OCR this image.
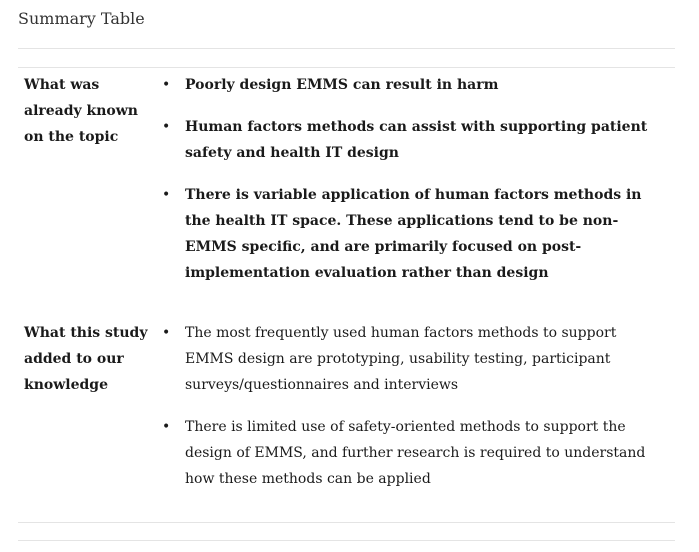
Summary Table
What was already known on the topic
• Poorly design EMMS can result in harm
• Human factors methods can assist with supporting patient safety and health IT design
• There is variable application of human factors methods in the health IT space. These applications tend to be non-EMMS specific, and are primarily focused on post-implementation evaluation rather than design
What this study added to our knowledge
• The most frequently used human factors methods to support EMMS design are prototyping, usability testing, participant surveys/questionnaires and interviews
• There is limited use of safety-oriented methods to support the design of EMMS, and further research is required to understand how these methods can be applied
